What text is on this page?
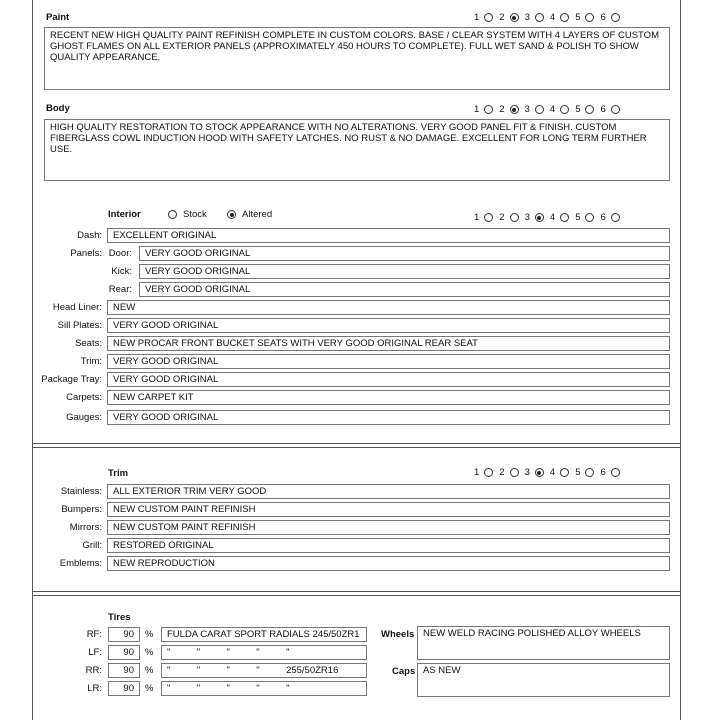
Paint	1 2 3 4 5 6
RECENT NEW HIGH QUALITY PAINT REFINISH COMPLETE IN CUSTOM COLORS. BASE / CLEAR SYSTEM WITH 4 LAYERS OF CUSTOM GHOST FLAMES ON ALL EXTERIOR PANELS (APPROXIMATELY 450 HOURS TO COMPLETE). FULL WET SAND & POLISH TO SHOW QUALITY APPEARANCE.
Body	1 2 3 4 5 6
HIGH QUALITY RESTORATION TO STOCK APPEARANCE WITH NO ALTERATIONS. VERY GOOD PANEL FIT & FINISH. CUSTOM FIBERGLASS COWL INDUCTION HOOD WITH SAFETY LATCHES. NO RUST & NO DAMAGE. EXCELLENT FOR LONG TERM FURTHER USE.
Interior	Stock	Altered	1 2 3 4 5 6
Dash:	EXCELLENT ORIGINAL
Panels: Door:	VERY GOOD ORIGINAL
Kick:	VERY GOOD ORIGINAL
Rear:	VERY GOOD ORIGINAL
Head Liner:	NEW
Sill Plates:	VERY GOOD ORIGINAL
Seats:	NEW PROCAR FRONT BUCKET SEATS WITH VERY GOOD ORIGINAL REAR SEAT
Trim:	VERY GOOD ORIGINAL
Package Tray:	VERY GOOD ORIGINAL
Carpets:	NEW CARPET KIT
Gauges:	VERY GOOD ORIGINAL
Trim	1 2 3 4 5 6
Stainless:	ALL EXTERIOR TRIM VERY GOOD
Bumpers:	NEW CUSTOM PAINT REFINISH
Mirrors:	NEW CUSTOM PAINT REFINISH
Grill:	RESTORED ORIGINAL
Emblems:	NEW REPRODUCTION
Tires
RF:	90	%	FULDA CARAT SPORT RADIALS 245/50ZR1
LF:	90	%	"          "          "          "          "
RR:	90	%	"          "          "          "          255/50ZR16
LR:	90	%	"          "          "          "          "
Wheels NEW WELD RACING POLISHED ALLOY WHEELS
Caps AS NEW
